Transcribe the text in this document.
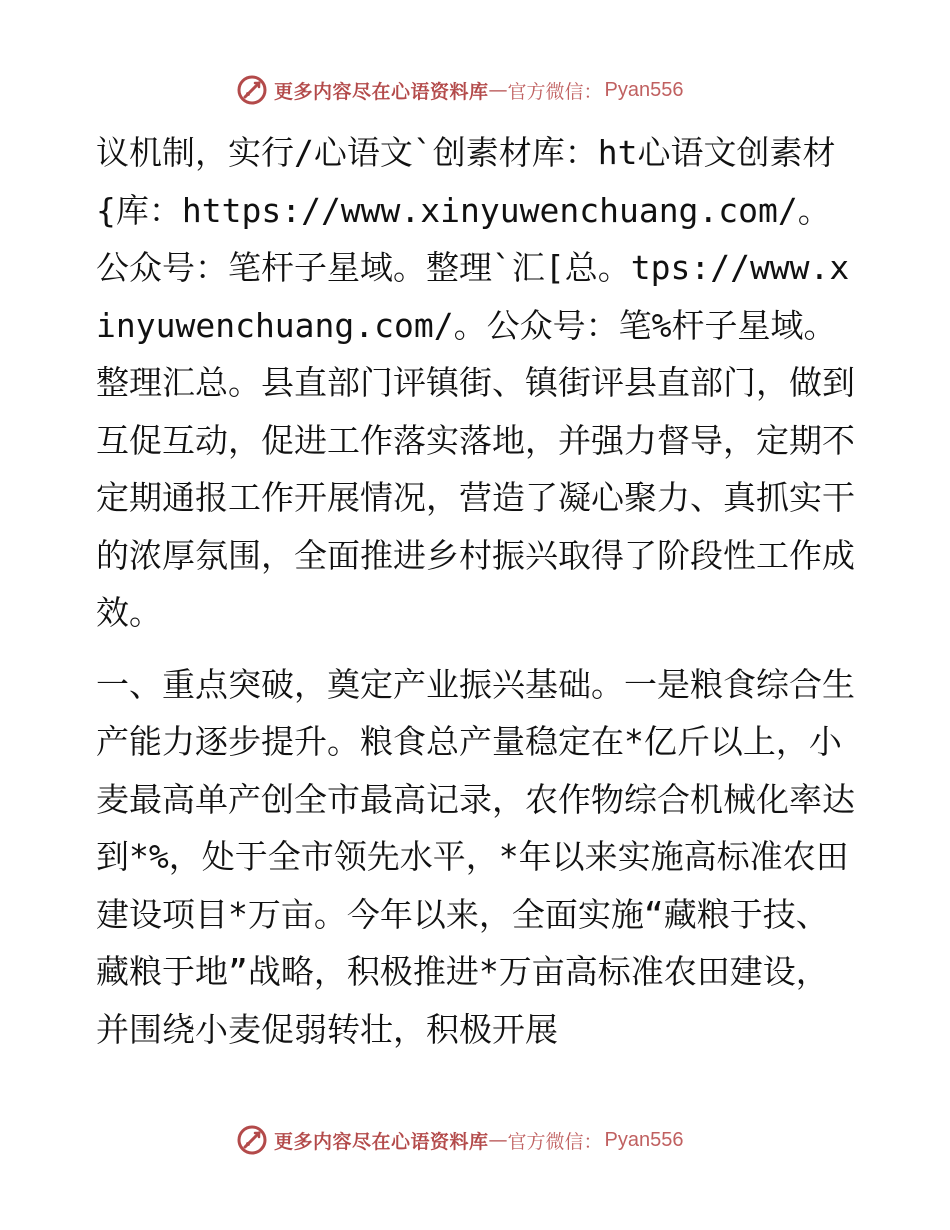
更多内容尽在心语资料库 — 官方微信： Pyan556

议机制，实行/心语文`创素材库：ht心语文创素材{库：https://www.xinyuwenchuang.com/。公众号：笔杆子星域。整理`汇[总。tps://www.xinyuwenchuang.com/。公众号：笔%杆子星域。整理汇总。县直部门评镇街、镇街评县直部门，做到互促互动，促进工作落实落地，并强力督导，定期不定期通报工作开展情况，营造了凝心聚力、真抓实干的浓厚氛围，全面推进乡村振兴取得了阶段性工作成效。

一、重点突破，奠定产业振兴基础。一是粮食综合生产能力逐步提升。粮食总产量稳定在*亿斤以上，小麦最高单产创全市最高记录，农作物综合机械化率达到*%，处于全市领先水平，*年以来实施高标准农田建设项目*万亩。今年以来，全面实施“藏粮于技、藏粮于地”战略，积极推进*万亩高标准农田建设，并围绕小麦促弱转壮，积极开展

更多内容尽在心语资料库 — 官方微信： Pyan556
